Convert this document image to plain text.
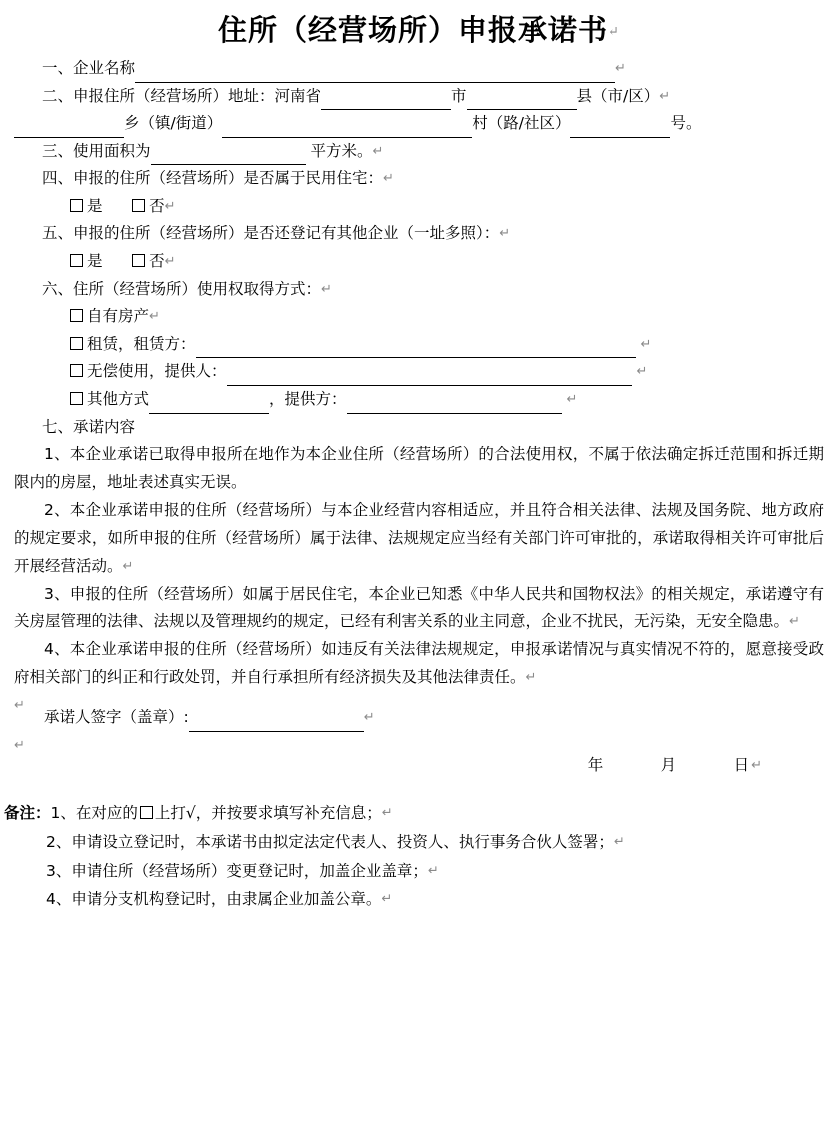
住所（经营场所）申报承诺书↵
一、企业名称	↵
二、申报住所（经营场所）地址：河南省	市	县（市/区）↵
乡（镇/街道）	村（路/社区）	号。
三、使用面积为	平方米。↵
四、申报的住所（经营场所）是否属于民用住宅：↵
是	否↵
五、申报的住所（经营场所）是否还登记有其他企业（一址多照）：↵
是	否↵
六、住所（经营场所）使用权取得方式：↵
自有房产↵
租赁，租赁方：	↵
无偿使用，提供人：	↵
其他方式	，提供方：	↵
七、承诺内容
1、本企业承诺已取得申报所在地作为本企业住所（经营场所）的合法使用权，不属于依法确定拆迁范围和拆迁期限内的房屋，地址表述真实无误。
2、本企业承诺申报的住所（经营场所）与本企业经营内容相适应，并且符合相关法律、法规及国务院、地方政府的规定要求，如所申报的住所（经营场所）属于法律、法规规定应当经有关部门许可审批的，承诺取得相关许可审批后开展经营活动。↵
3、申报的住所（经营场所）如属于居民住宅，本企业已知悉《中华人民共和国物权法》的相关规定，承诺遵守有关房屋管理的法律、法规以及管理规约的规定，已经有利害关系的业主同意，企业不扰民，无污染，无安全隐患。↵
4、本企业承诺申报的住所（经营场所）如违反有关法律法规规定，申报承诺情况与真实情况不符的，愿意接受政府相关部门的纠正和行政处罚，并自行承担所有经济损失及其他法律责任。↵
↵
承诺人签字（盖章）:	↵
↵
年	月	日↵
备注：1、在对应的 上打√，并按要求填写补充信息；↵
2、申请设立登记时，本承诺书由拟定法定代表人、投资人、执行事务合伙人签署；↵
3、申请住所（经营场所）变更登记时，加盖企业盖章；↵
4、申请分支机构登记时，由隶属企业加盖公章。↵
